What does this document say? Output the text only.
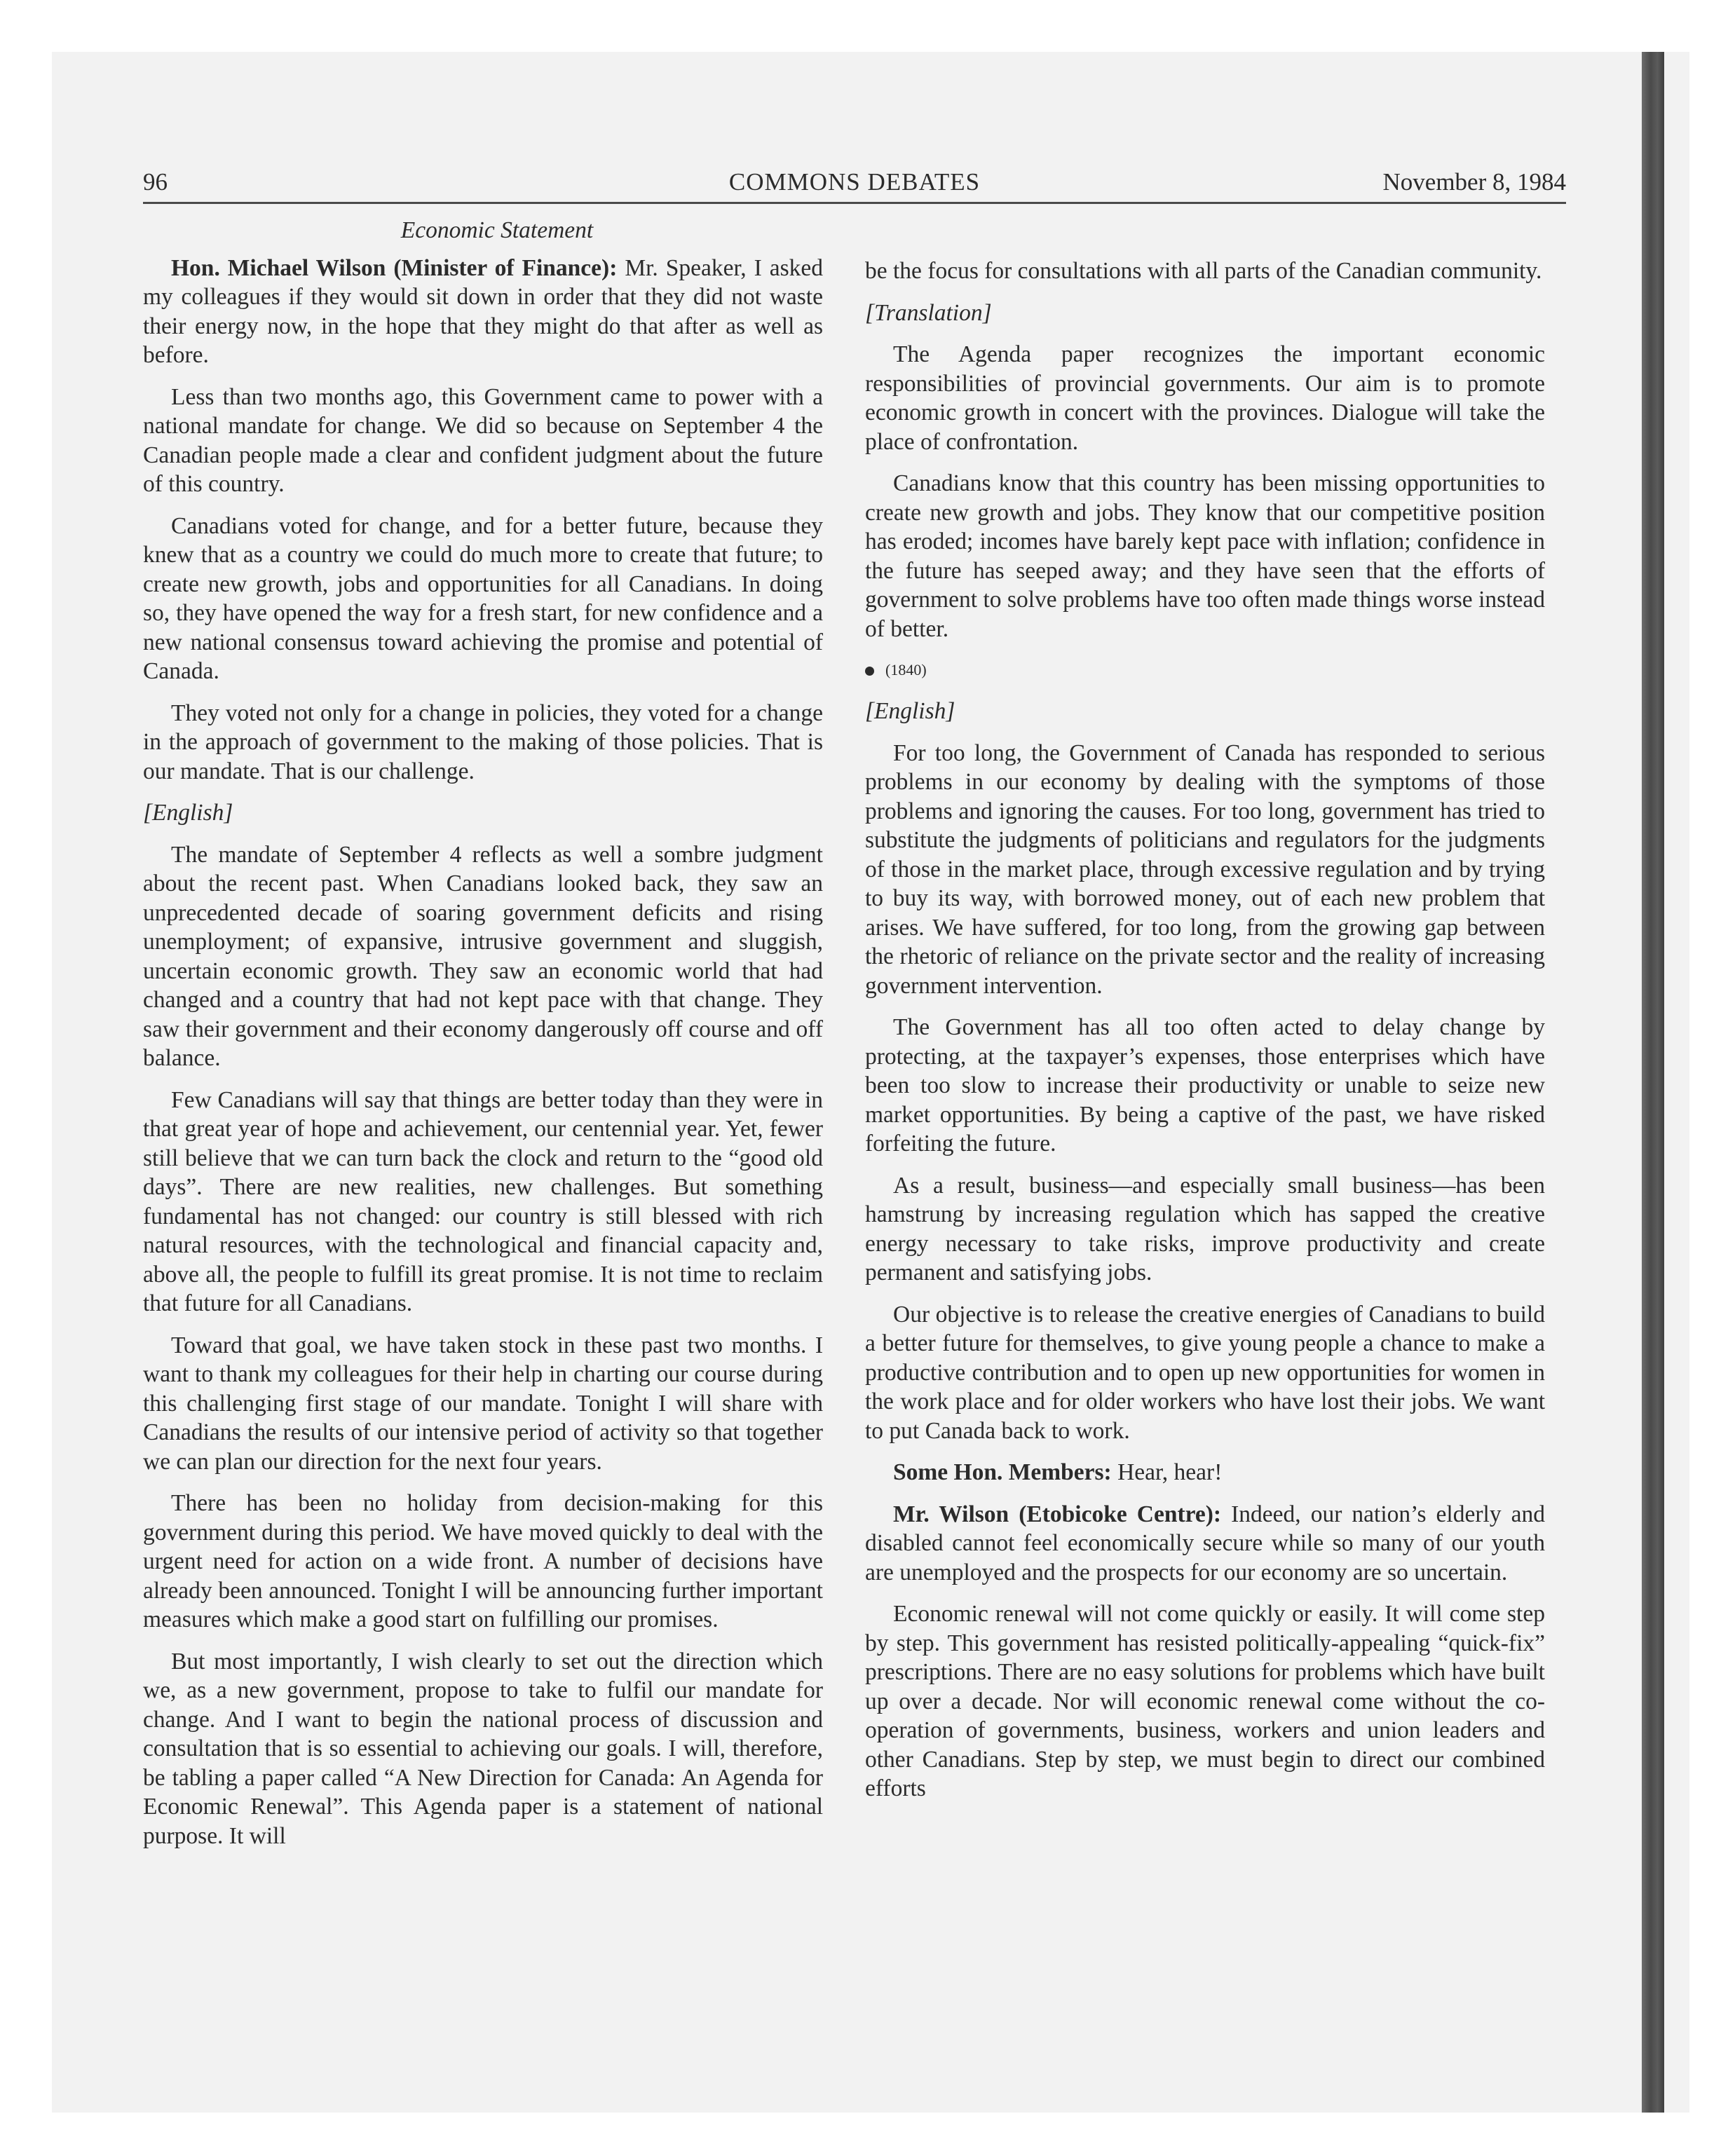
96	COMMONS DEBATES	November 8, 1984
Economic Statement

Hon. Michael Wilson (Minister of Finance): Mr. Speaker, I asked my colleagues if they would sit down in order that they did not waste their energy now, in the hope that they might do that after as well as before.

Less than two months ago, this Government came to power with a national mandate for change. We did so because on September 4 the Canadian people made a clear and confident judgment about the future of this country.

Canadians voted for change, and for a better future, because they knew that as a country we could do much more to create that future; to create new growth, jobs and opportunities for all Canadians. In doing so, they have opened the way for a fresh start, for new confidence and a new national consensus toward achieving the promise and potential of Canada.

They voted not only for a change in policies, they voted for a change in the approach of government to the making of those policies. That is our mandate. That is our challenge.

[English]

The mandate of September 4 reflects as well a sombre judgment about the recent past. When Canadians looked back, they saw an unprecedented decade of soaring government deficits and rising unemployment; of expansive, intrusive government and sluggish, uncertain economic growth. They saw an economic world that had changed and a country that had not kept pace with that change. They saw their government and their economy dangerously off course and off balance.

Few Canadians will say that things are better today than they were in that great year of hope and achievement, our centennial year. Yet, fewer still believe that we can turn back the clock and return to the “good old days”. There are new realities, new challenges. But something fundamental has not changed: our country is still blessed with rich natural resources, with the technological and financial capacity and, above all, the people to fulfill its great promise. It is not time to reclaim that future for all Canadians.

Toward that goal, we have taken stock in these past two months. I want to thank my colleagues for their help in charting our course during this challenging first stage of our mandate. Tonight I will share with Canadians the results of our intensive period of activity so that together we can plan our direction for the next four years.

There has been no holiday from decision-making for this government during this period. We have moved quickly to deal with the urgent need for action on a wide front. A number of decisions have already been announced. Tonight I will be announcing further important measures which make a good start on fulfilling our promises.

But most importantly, I wish clearly to set out the direction which we, as a new government, propose to take to fulfil our mandate for change. And I want to begin the national process of discussion and consultation that is so essential to achieving our goals. I will, therefore, be tabling a paper called “A New Direction for Canada: An Agenda for Economic Renewal”. This Agenda paper is a statement of national purpose. It will

be the focus for consultations with all parts of the Canadian community.

[Translation]

The Agenda paper recognizes the important economic responsibilities of provincial governments. Our aim is to promote economic growth in concert with the provinces. Dialogue will take the place of confrontation.

Canadians know that this country has been missing opportunities to create new growth and jobs. They know that our competitive position has eroded; incomes have barely kept pace with inflation; confidence in the future has seeped away; and they have seen that the efforts of government to solve problems have too often made things worse instead of better.

(1840)

[English]

For too long, the Government of Canada has responded to serious problems in our economy by dealing with the symptoms of those problems and ignoring the causes. For too long, government has tried to substitute the judgments of politicians and regulators for the judgments of those in the market place, through excessive regulation and by trying to buy its way, with borrowed money, out of each new problem that arises. We have suffered, for too long, from the growing gap between the rhetoric of reliance on the private sector and the reality of increasing government intervention.

The Government has all too often acted to delay change by protecting, at the taxpayer’s expenses, those enterprises which have been too slow to increase their productivity or unable to seize new market opportunities. By being a captive of the past, we have risked forfeiting the future.

As a result, business—and especially small business—has been hamstrung by increasing regulation which has sapped the creative energy necessary to take risks, improve productivity and create permanent and satisfying jobs.

Our objective is to release the creative energies of Canadians to build a better future for themselves, to give young people a chance to make a productive contribution and to open up new opportunities for women in the work place and for older workers who have lost their jobs. We want to put Canada back to work.

Some Hon. Members: Hear, hear!

Mr. Wilson (Etobicoke Centre): Indeed, our nation’s elderly and disabled cannot feel economically secure while so many of our youth are unemployed and the prospects for our economy are so uncertain.

Economic renewal will not come quickly or easily. It will come step by step. This government has resisted politically-appealing “quick-fix” prescriptions. There are no easy solutions for problems which have built up over a decade. Nor will economic renewal come without the co-operation of governments, business, workers and union leaders and other Canadians. Step by step, we must begin to direct our combined efforts
